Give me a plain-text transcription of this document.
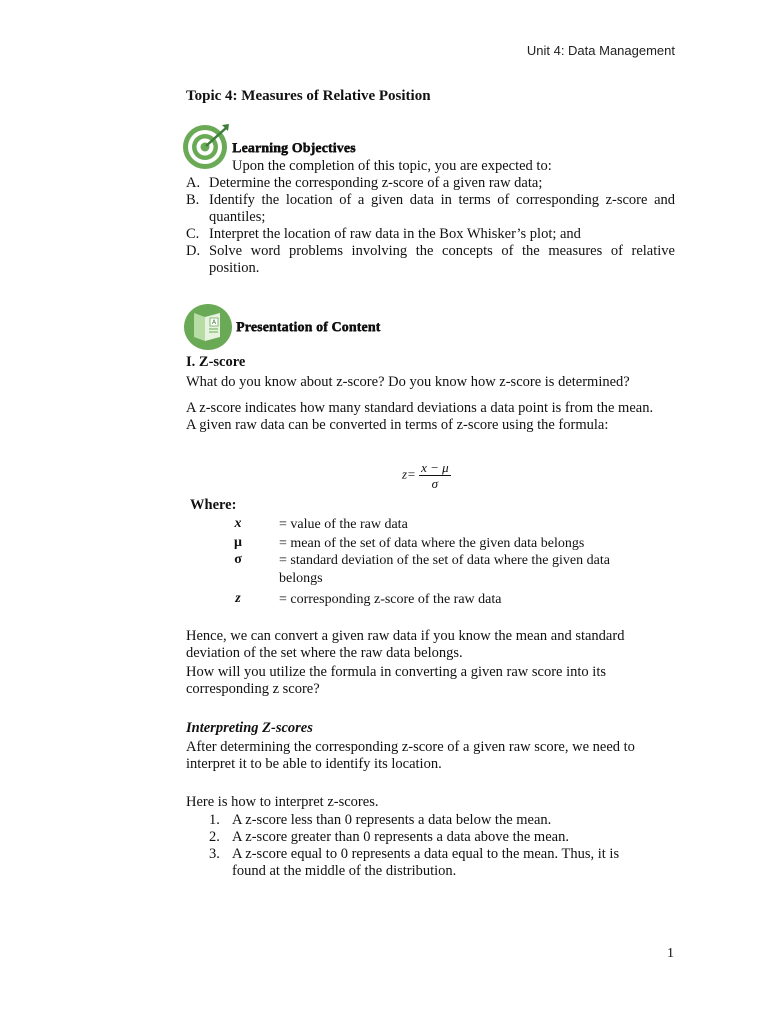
Unit 4: Data Management
Topic 4: Measures of Relative Position
Learning Objectives
Upon the completion of this topic, you are expected to:
A. Determine the corresponding z-score of a given raw data;
B. Identify the location of a given data in terms of corresponding z-score and quantiles;
C. Interpret the location of raw data in the Box Whisker’s plot; and
D. Solve word problems involving the concepts of the measures of relative position.
A Presentation of Content
I. Z-score
What do you know about z-score? Do you know how z-score is determined?
A z-score indicates how many standard deviations a data point is from the mean. A given raw data can be converted in terms of z-score using the formula:
$z= \frac{x - \mu}{\sigma}$
Where:
x	= value of the raw data
μ	= mean of the set of data where the given data belongs
σ	= standard deviation of the set of data where the given data belongs
z	= corresponding z-score of the raw data
Hence, we can convert a given raw data if you know the mean and standard deviation of the set where the raw data belongs.
How will you utilize the formula in converting a given raw score into its corresponding z score?
Interpreting Z-scores
After determining the corresponding z-score of a given raw score, we need to interpret it to be able to identify its location.
Here is how to interpret z-scores.
1. A z-score less than 0 represents a data below the mean.
2. A z-score greater than 0 represents a data above the mean.
3. A z-score equal to 0 represents a data equal to the mean. Thus, it is found at the middle of the distribution.
1
